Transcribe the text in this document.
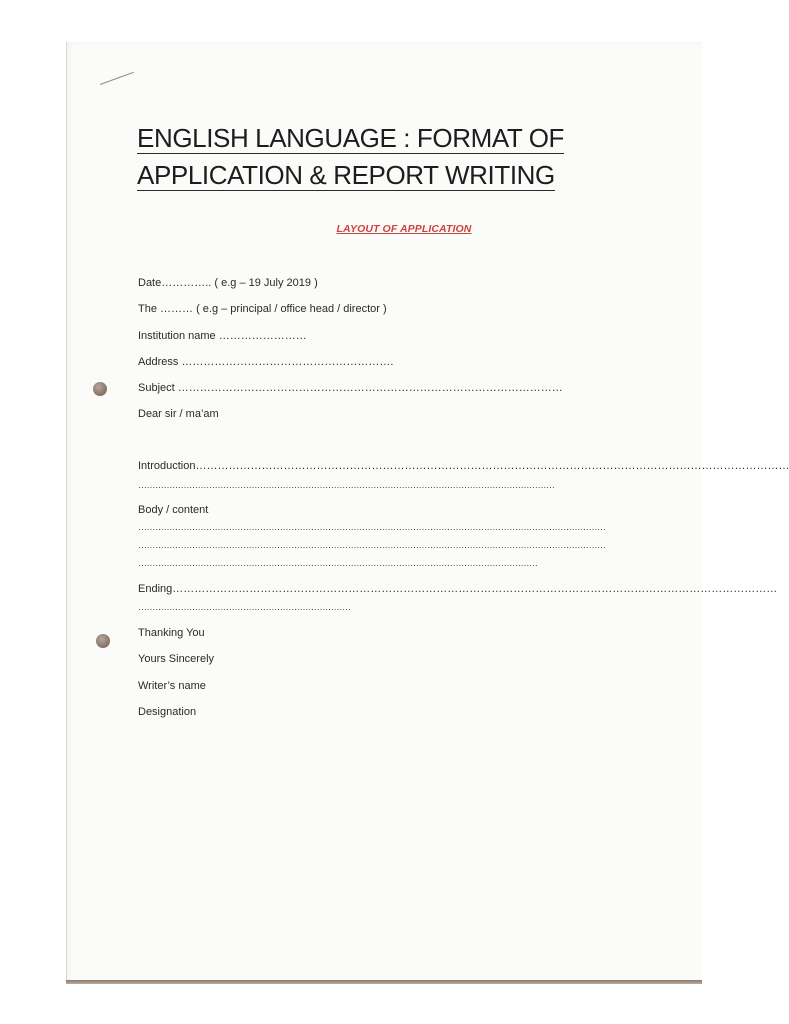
ENGLISH LANGUAGE : FORMAT OF
APPLICATION & REPORT WRITING
LAYOUT OF APPLICATION
Date………….. ( e.g – 19 July 2019 )
The ……… ( e.g – principal / office head / director )
Institution name ……………………
Address ………………………………………………….
Subject ……………………………………………………………………………………………
Dear sir / ma’am
Introduction………………………………………………………………………………………………………………………………………………
…………………………………………………………………………………………………………………………………
Body / content
…………………………………………………………………………………………………………………………………………………
…………………………………………………………………………………………………………………………………………………
……………………………………………………………………………………………………………………………
Ending…………………………………………………………………………………………………………………………………………………
…………………………………………………………………
Thanking You
Yours Sincerely
Writer’s name
Designation
